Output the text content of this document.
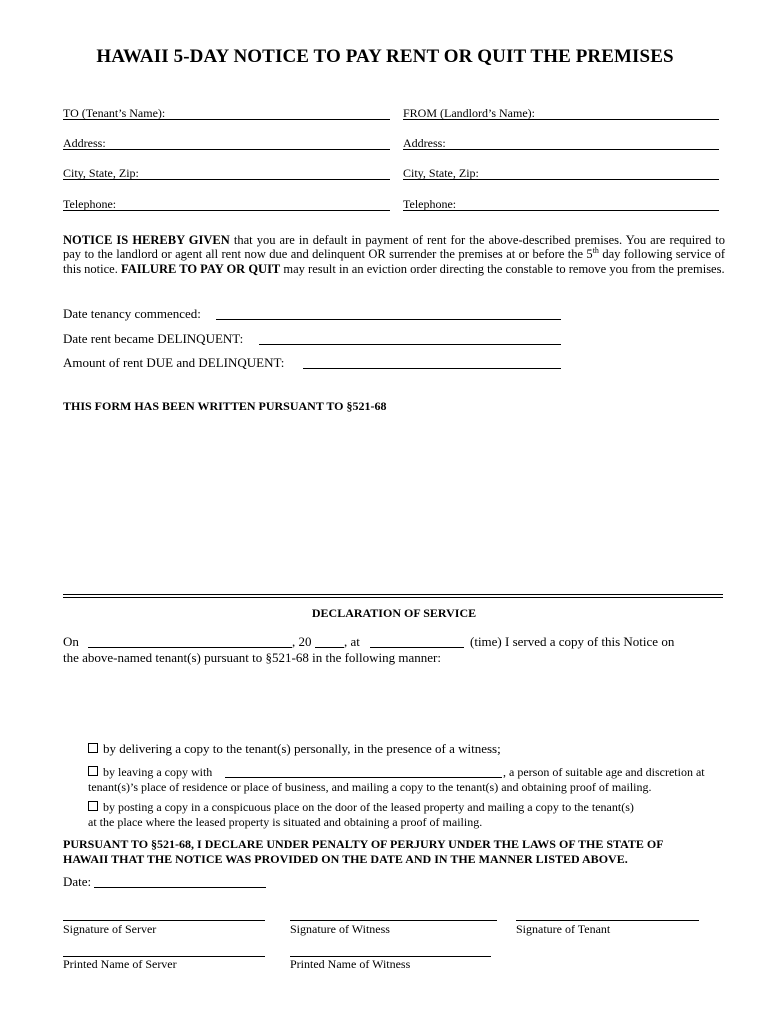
HAWAII 5-DAY NOTICE TO PAY RENT OR QUIT THE PREMISES
TO (Tenant’s Name):	FROM (Landlord’s Name):
Address:	Address:
City, State, Zip:	City, State, Zip:
Telephone:	Telephone:
NOTICE IS HEREBY GIVEN that you are in default in payment of rent for the above-described premises. You are required to pay to the landlord or agent all rent now due and delinquent OR surrender the premises at or before the 5th day following service of this notice. FAILURE TO PAY OR QUIT may result in an eviction order directing the constable to remove you from the premises.
Date tenancy commenced:
Date rent became DELINQUENT:
Amount of rent DUE and DELINQUENT:
THIS FORM HAS BEEN WRITTEN PURSUANT TO §521-68
DECLARATION OF SERVICE
On	, 20	, at	(time) I served a copy of this Notice on
the above-named tenant(s) pursuant to §521-68 in the following manner:
by delivering a copy to the tenant(s) personally, in the presence of a witness;
by leaving a copy with	, a person of suitable age and discretion at
tenant(s)’s place of residence or place of business, and mailing a copy to the tenant(s) and obtaining proof of mailing.
by posting a copy in a conspicuous place on the door of the leased property and mailing a copy to the tenant(s)
at the place where the leased property is situated and obtaining a proof of mailing.
PURSUANT TO §521-68, I DECLARE UNDER PENALTY OF PERJURY UNDER THE LAWS OF THE STATE OF
HAWAII THAT THE NOTICE WAS PROVIDED ON THE DATE AND IN THE MANNER LISTED ABOVE.
Date:
Signature of Server	Signature of Witness	Signature of Tenant
Printed Name of Server	Printed Name of Witness
